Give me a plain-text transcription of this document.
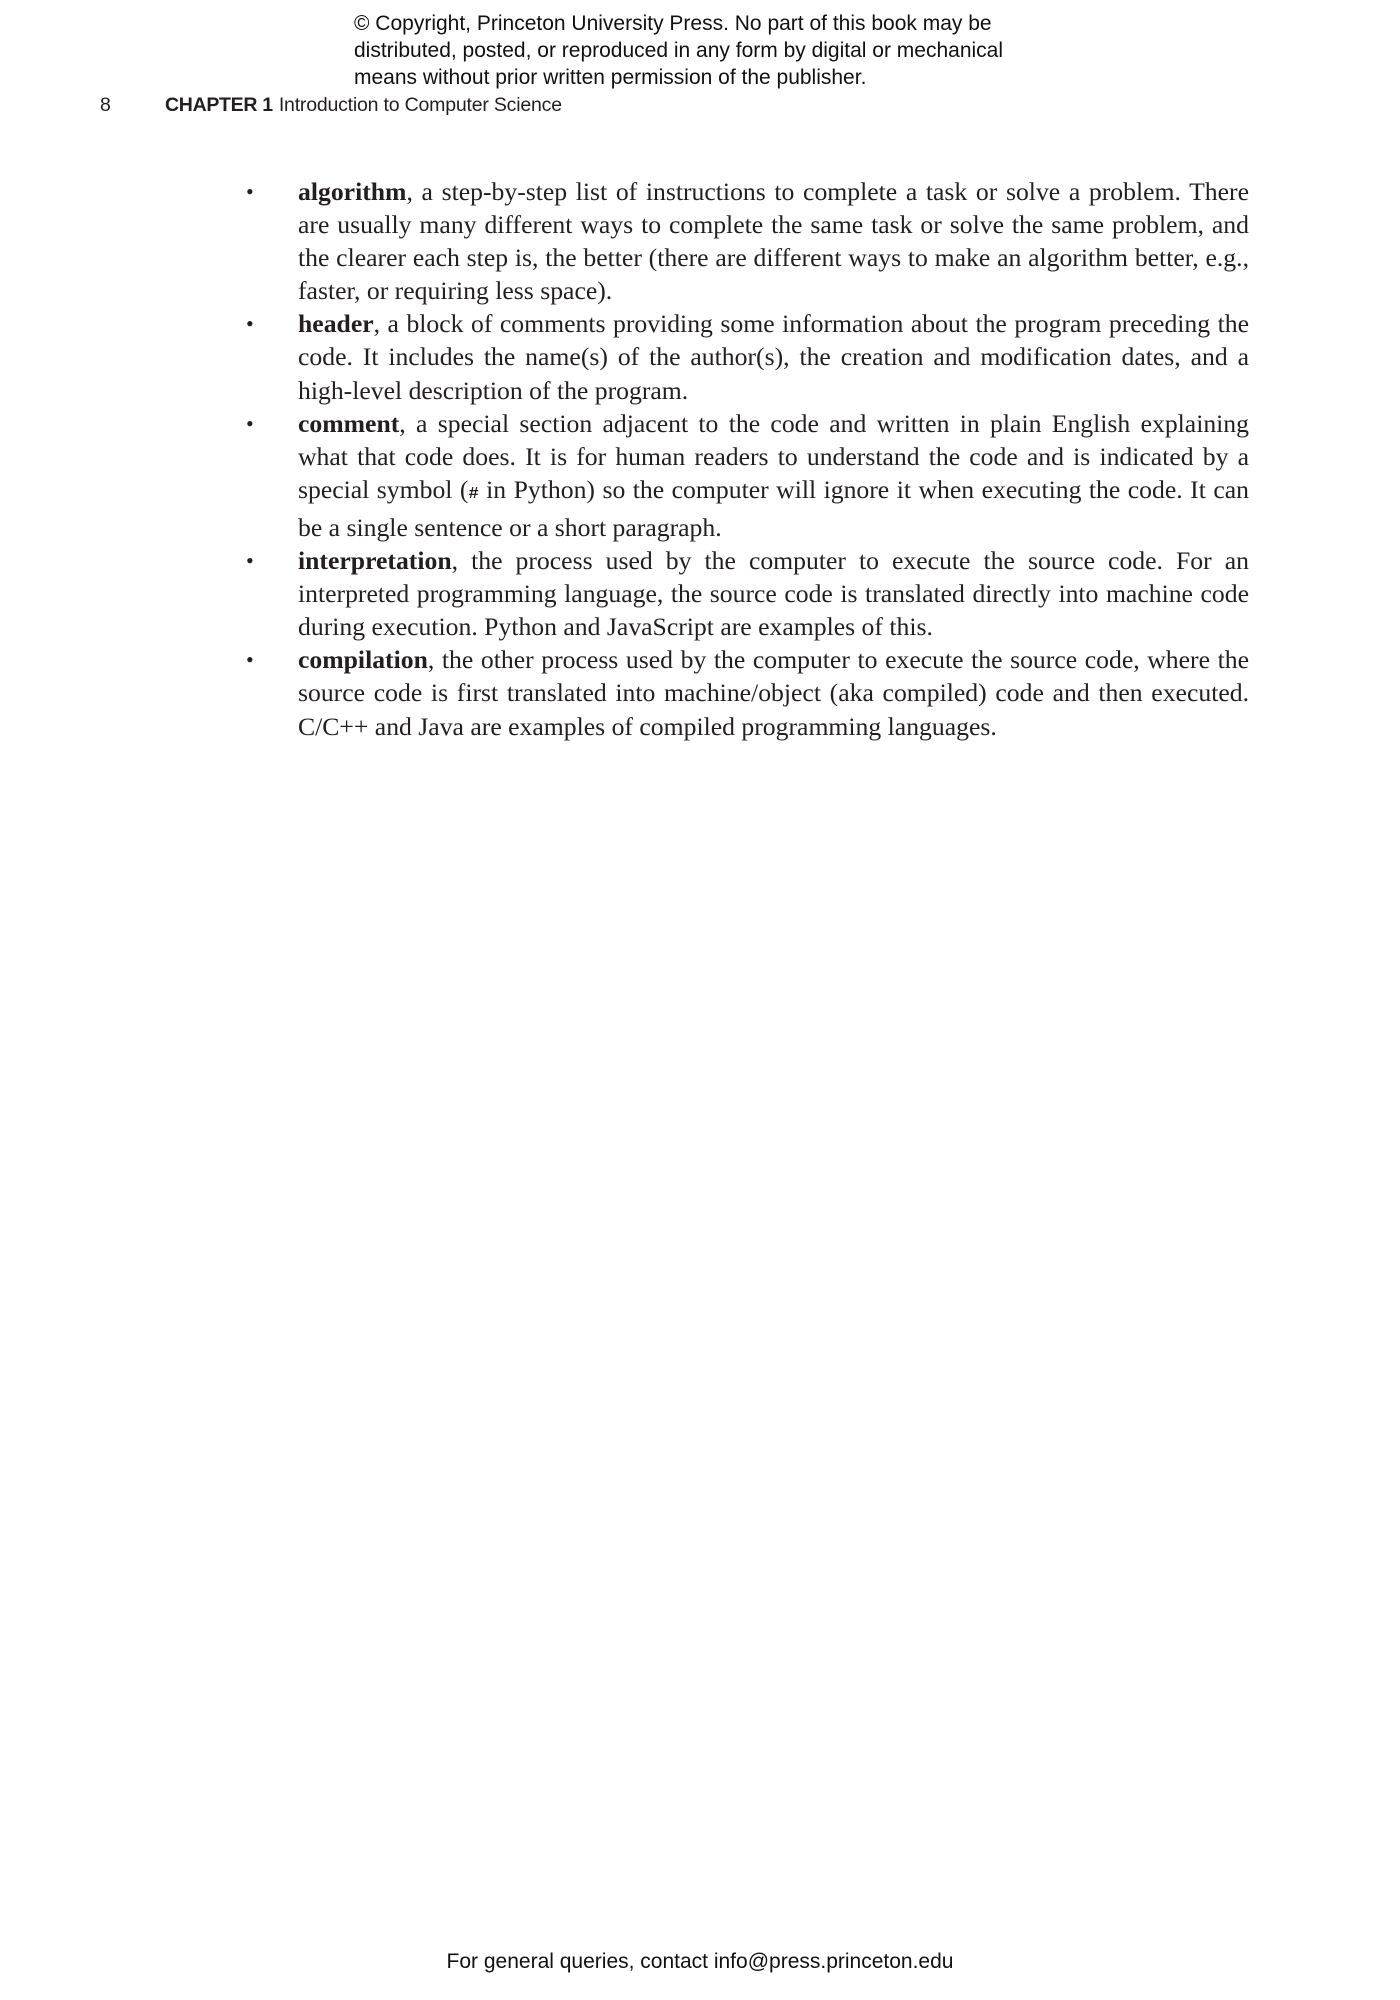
© Copyright, Princeton University Press. No part of this book may be
distributed, posted, or reproduced in any form by digital or mechanical
means without prior written permission of the publisher.
8	CHAPTER 1 Introduction to Computer Science
•	algorithm, a step-by-step list of instructions to complete a task or solve a problem. There are usually many different ways to complete the same task or solve the same problem, and the clearer each step is, the better (there are different ways to make an algorithm better, e.g., faster, or requiring less space).
•	header, a block of comments providing some information about the program preceding the code. It includes the name(s) of the author(s), the creation and modification dates, and a high-level description of the program.
•	comment, a special section adjacent to the code and written in plain English explaining what that code does. It is for human readers to understand the code and is indicated by a special symbol (# in Python) so the computer will ignore it when executing the code. It can be a single sentence or a short paragraph.
•	interpretation, the process used by the computer to execute the source code. For an interpreted programming language, the source code is translated directly into machine code during execution. Python and JavaScript are examples of this.
•	compilation, the other process used by the computer to execute the source code, where the source code is first translated into machine/object (aka compiled) code and then executed. C/C++ and Java are examples of compiled programming languages.
For general queries, contact info@press.princeton.edu
